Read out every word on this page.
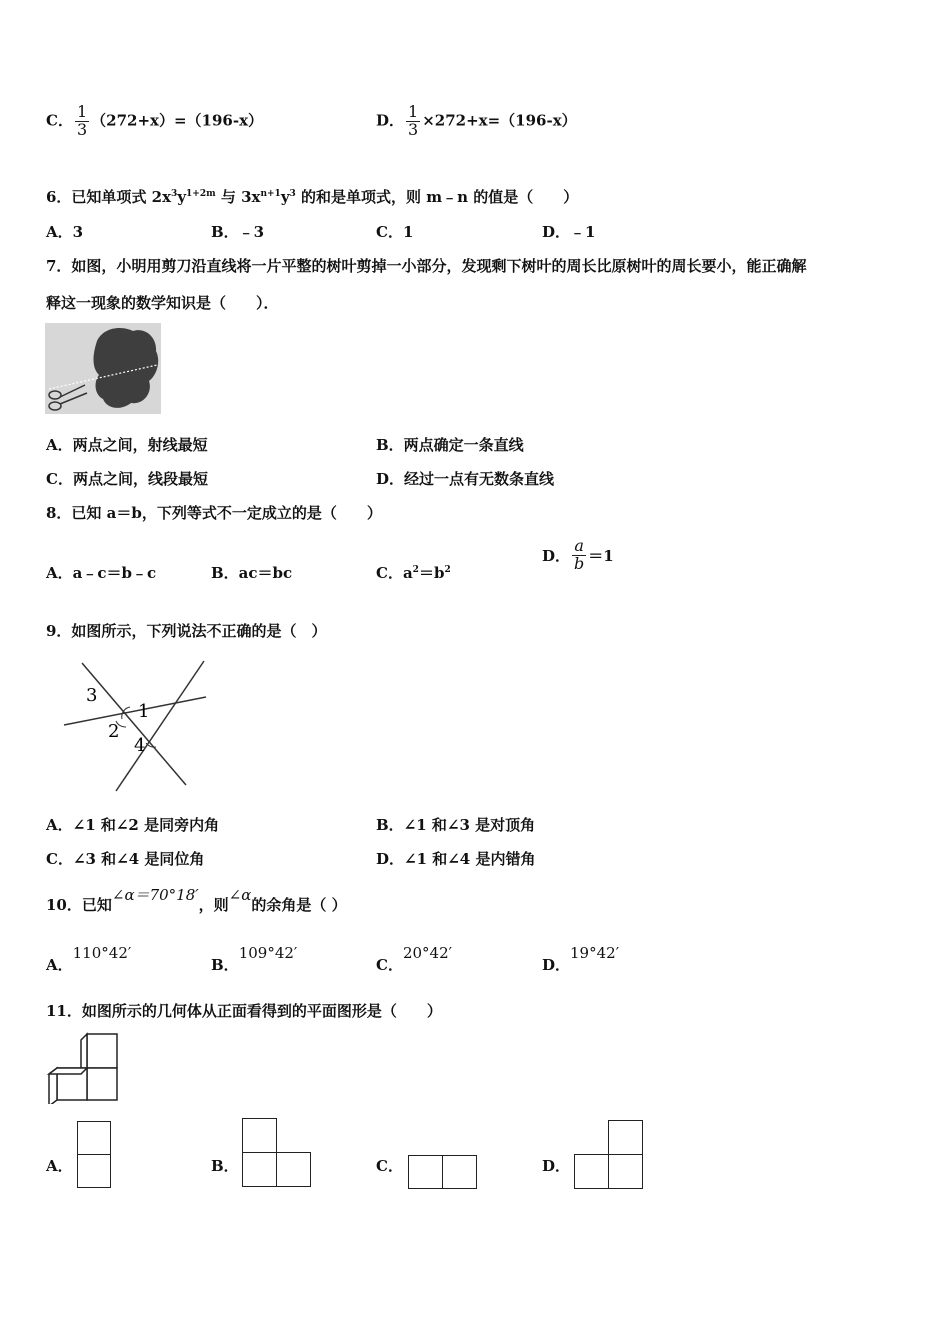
C． $\frac{1}{3} (272+x)=(196-x)$	D． $\frac{1}{3} \times 272+x=(196-x)$
6．已知单项式 $2x^3y^{1+2m}$ 与 $3x^{n+1}y^3$ 的和是单项式，则 m﹣n 的值是（　　）
A．3	B．﹣3	C．1	D．﹣1
7．如图，小明用剪刀沿直线将一片平整的树叶剪掉一小部分，发现剩下树叶的周长比原树叶的周长要小，能正确解
释这一现象的数学知识是（　　）．
A．两点之间，射线最短	B．两点确定一条直线
C．两点之间，线段最短	D．经过一点有无数条直线
8．已知 a＝b，下列等式不一定成立的是（　　）
A．a﹣c＝b﹣c	B．ac＝bc	C．$a^2=b^2$
D． $\frac{a}{b} =1$
9．如图所示，下列说法不正确的是（　）
3
2
1
4
A．∠1 和∠2 是同旁内角	B．∠1 和∠3 是对顶角
C．∠3 和∠4 是同位角	D．∠1 和∠4 是内错角
10．已知∠α＝70°18′，则∠α的余角是（ ）
A．110°42′
B．109°42′
C．20°42′
D．19°42′
11．如图所示的几何体从正面看得到的平面图形是（　　）
A．	B．	C．	D．
